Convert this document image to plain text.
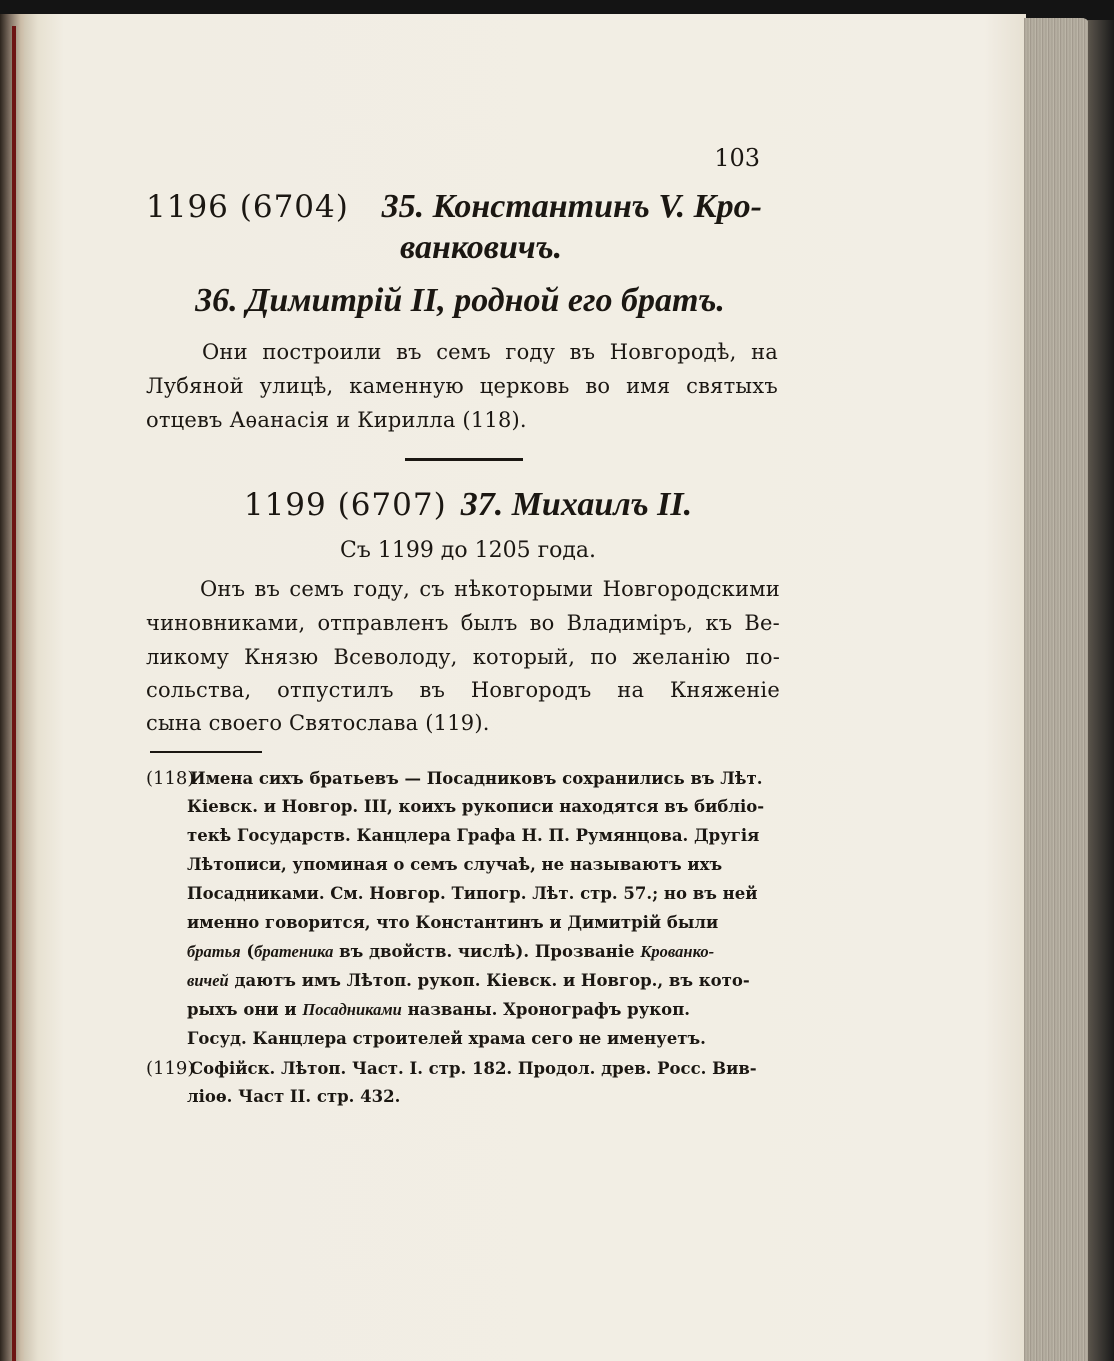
103
1196 (6704) 35. Константинъ V. Кро-
ванковичъ.
36. Димитрій II, родной его братъ.
Они построили въ семъ году въ Новгородѣ, на
Лубяной улицѣ, каменную церковь во имя святыхъ
отцевъ Аѳанасія и Кирилла (118).
1199 (6707) 37. Михаилъ II.
Съ 1199 до 1205 года.
Онъ въ семъ году, съ нѣкоторыми Новгородскими
чиновниками, отправленъ былъ во Владиміръ, къ Ве-
ликому Князю Всеволоду, который, по желанію по-
сольства, отпустилъ въ Новгородъ на Княженіе
сына своего Святослава (119).
(118)Имена сихъ братьевъ — Посадниковъ сохранились въ Лѣт.
Кіевск. и Новгор. III, коихъ рукописи находятся въ библіо-
текѣ Государств. Канцлера Графа Н. П. Румянцова. Другія
Лѣтописи, упоминая о семъ случаѣ, не называютъ ихъ
Посадниками. См. Новгор. Типогр. Лѣт. стр. 57.; но въ ней
именно говорится, что Константинъ и Димитрій были
братья (братеника въ двойств. числѣ). Прозваніе Крованко-
вичей даютъ имъ Лѣтоп. рукоп. Кіевск. и Новгор., въ кото-
рыхъ они и Посадниками названы. Хронографъ рукоп.
Госуд. Канцлера строителей храма сего не именуетъ.
(119)Софійск. Лѣтоп. Част. I. стр. 182. Продол. древ. Росс. Вив-
ліоѳ. Част II. стр. 432.
